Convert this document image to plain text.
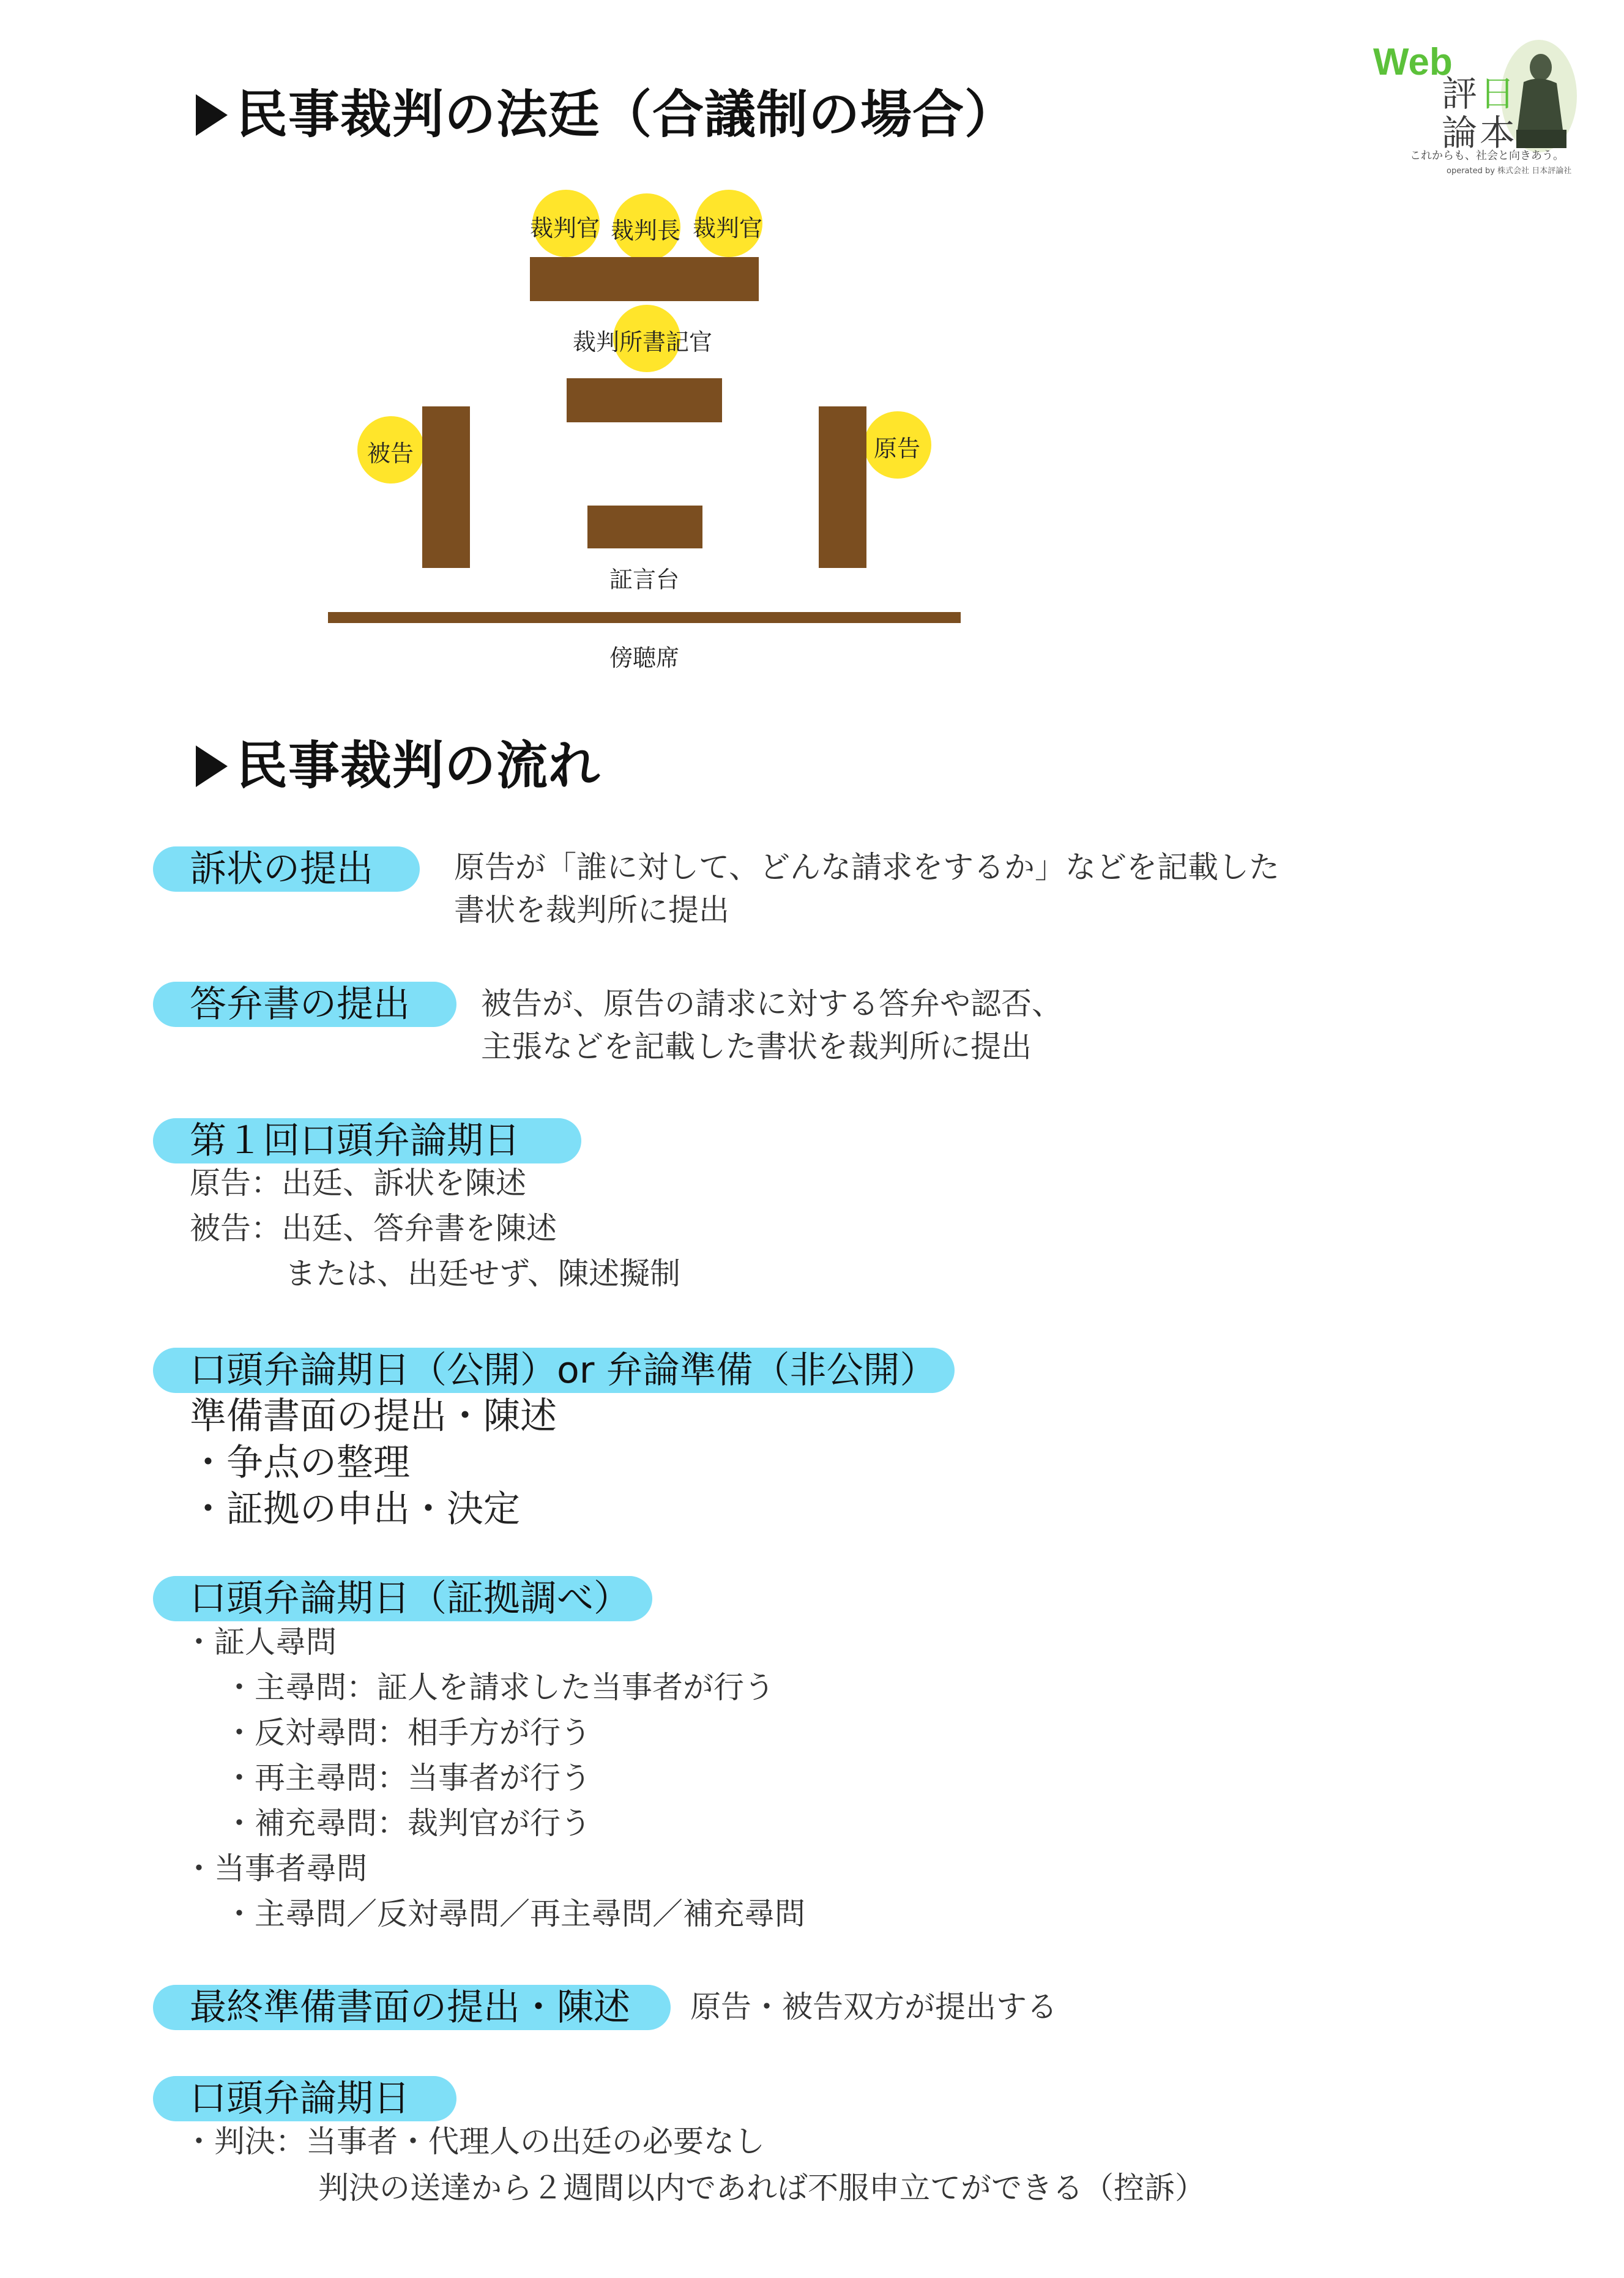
Web
評 日
論 本
これからも、社会と向きあう。
operated by 株式会社 日本評論社
民事裁判の法廷（合議制の場合）
裁判官 裁判長 裁判官
裁判所書記官
被告	原告
証言台
傍聴席
民事裁判の流れ
訴状の提出	原告が「誰に対して、どんな請求をするか」などを記載した
書状を裁判所に提出
答弁書の提出 被告が、原告の請求に対する答弁や認否、
主張などを記載した書状を裁判所に提出
第１回口頭弁論期日
原告：出廷、訴状を陳述
被告：出廷、答弁書を陳述
または、出廷せず、陳述擬制
口頭弁論期日（公開）or 弁論準備（非公開）
準備書面の提出・陳述
・争点の整理
・証拠の申出・決定
口頭弁論期日（証拠調べ）
・証人尋問
・主尋問：証人を請求した当事者が行う
・反対尋問：相手方が行う
・再主尋問：当事者が行う
・補充尋問：裁判官が行う
・当事者尋問
・主尋問／反対尋問／再主尋問／補充尋問
最終準備書面の提出・陳述 原告・被告双方が提出する
口頭弁論期日
・判決：当事者・代理人の出廷の必要なし
判決の送達から２週間以内であれば不服申立てができる（控訴）
